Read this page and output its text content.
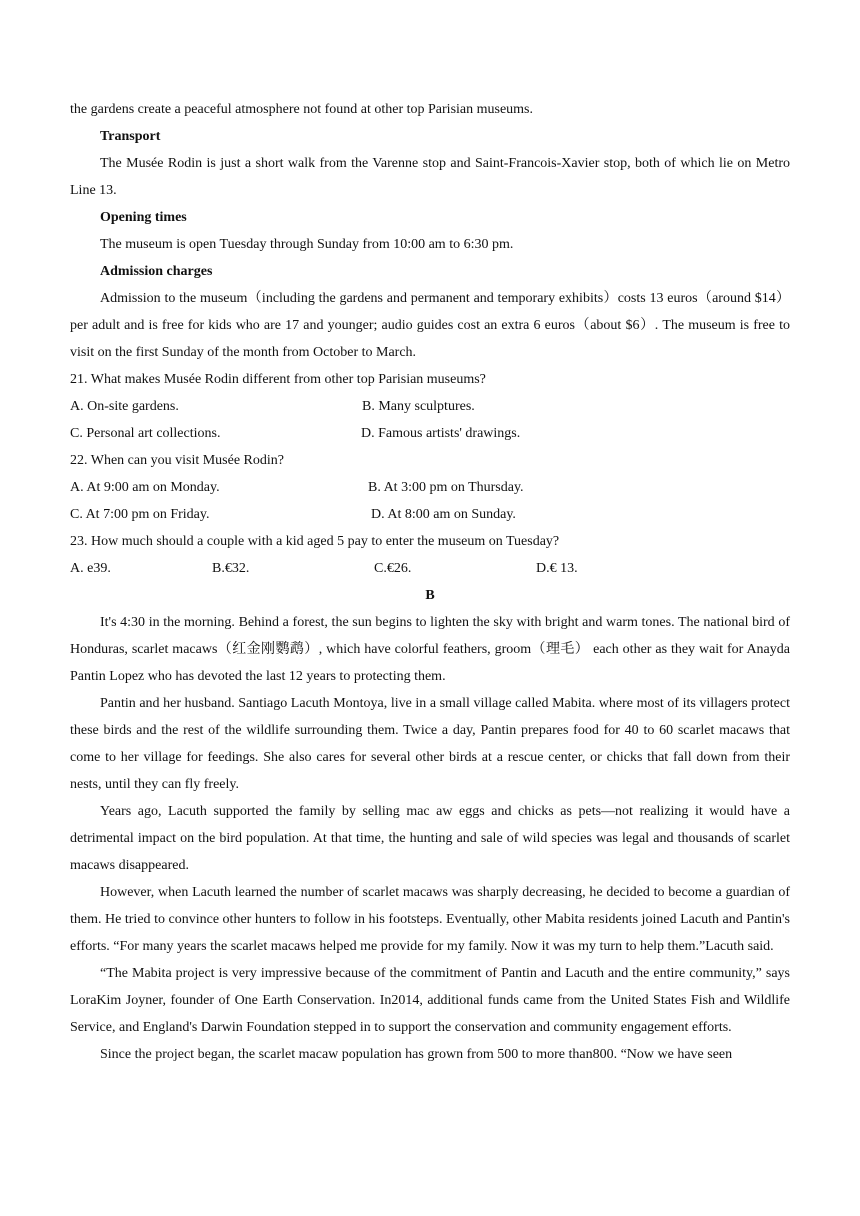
the gardens create a peaceful atmosphere not found at other top Parisian museums.

Transport

The Musée Rodin is just a short walk from the Varenne stop and Saint-Francois-Xavier stop, both of which lie on Metro Line 13.

Opening times

The museum is open Tuesday through Sunday from 10:00 am to 6:30 pm.

Admission charges

Admission to the museum（including the gardens and permanent and temporary exhibits）costs 13 euros（around $14） per adult and is free for kids who are 17 and younger; audio guides cost an extra 6 euros（about $6）. The museum is free to visit on the first Sunday of the month from October to March.

21. What makes Musée Rodin different from other top Parisian museums?

A. On-site gardens.	B. Many sculptures.
C. Personal art collections.	D. Famous artists' drawings.

22. When can you visit Musée Rodin?

A. At 9:00 am on Monday.	B. At 3:00 pm on Thursday.
C. At 7:00 pm on Friday.	D. At 8:00 am on Sunday.

23. How much should a couple with a kid aged 5 pay to enter the museum on Tuesday?

A. e39.	B.€32.	C.€26.	D.€ 13.

B

It's 4:30 in the morning. Behind a forest, the sun begins to lighten the sky with bright and warm tones. The national bird of Honduras, scarlet macaws（红金刚鹦鹉）, which have colorful feathers, groom（理毛） each other as they wait for Anayda Pantin Lopez who has devoted the last 12 years to protecting them.

Pantin and her husband. Santiago Lacuth Montoya, live in a small village called Mabita. where most of its villagers protect these birds and the rest of the wildlife surrounding them. Twice a day, Pantin prepares food for 40 to 60 scarlet macaws that come to her village for feedings. She also cares for several other birds at a rescue center, or chicks that fall down from their nests, until they can fly freely.

Years ago, Lacuth supported the family by selling mac aw eggs and chicks as pets—not realizing it would have a detrimental impact on the bird population. At that time, the hunting and sale of wild species was legal and thousands of scarlet macaws disappeared.

However, when Lacuth learned the number of scarlet macaws was sharply decreasing, he decided to become a guardian of them. He tried to convince other hunters to follow in his footsteps. Eventually, other Mabita residents joined Lacuth and Pantin's efforts. “For many years the scarlet macaws helped me provide for my family. Now it was my turn to help them.”Lacuth said.

“The Mabita project is very impressive because of the commitment of Pantin and Lacuth and the entire community,” says LoraKim Joyner, founder of One Earth Conservation. In2014, additional funds came from the United States Fish and Wildlife Service, and England's Darwin Foundation stepped in to support the conservation and community engagement efforts.

Since the project began, the scarlet macaw population has grown from 500 to more than800. “Now we have seen
